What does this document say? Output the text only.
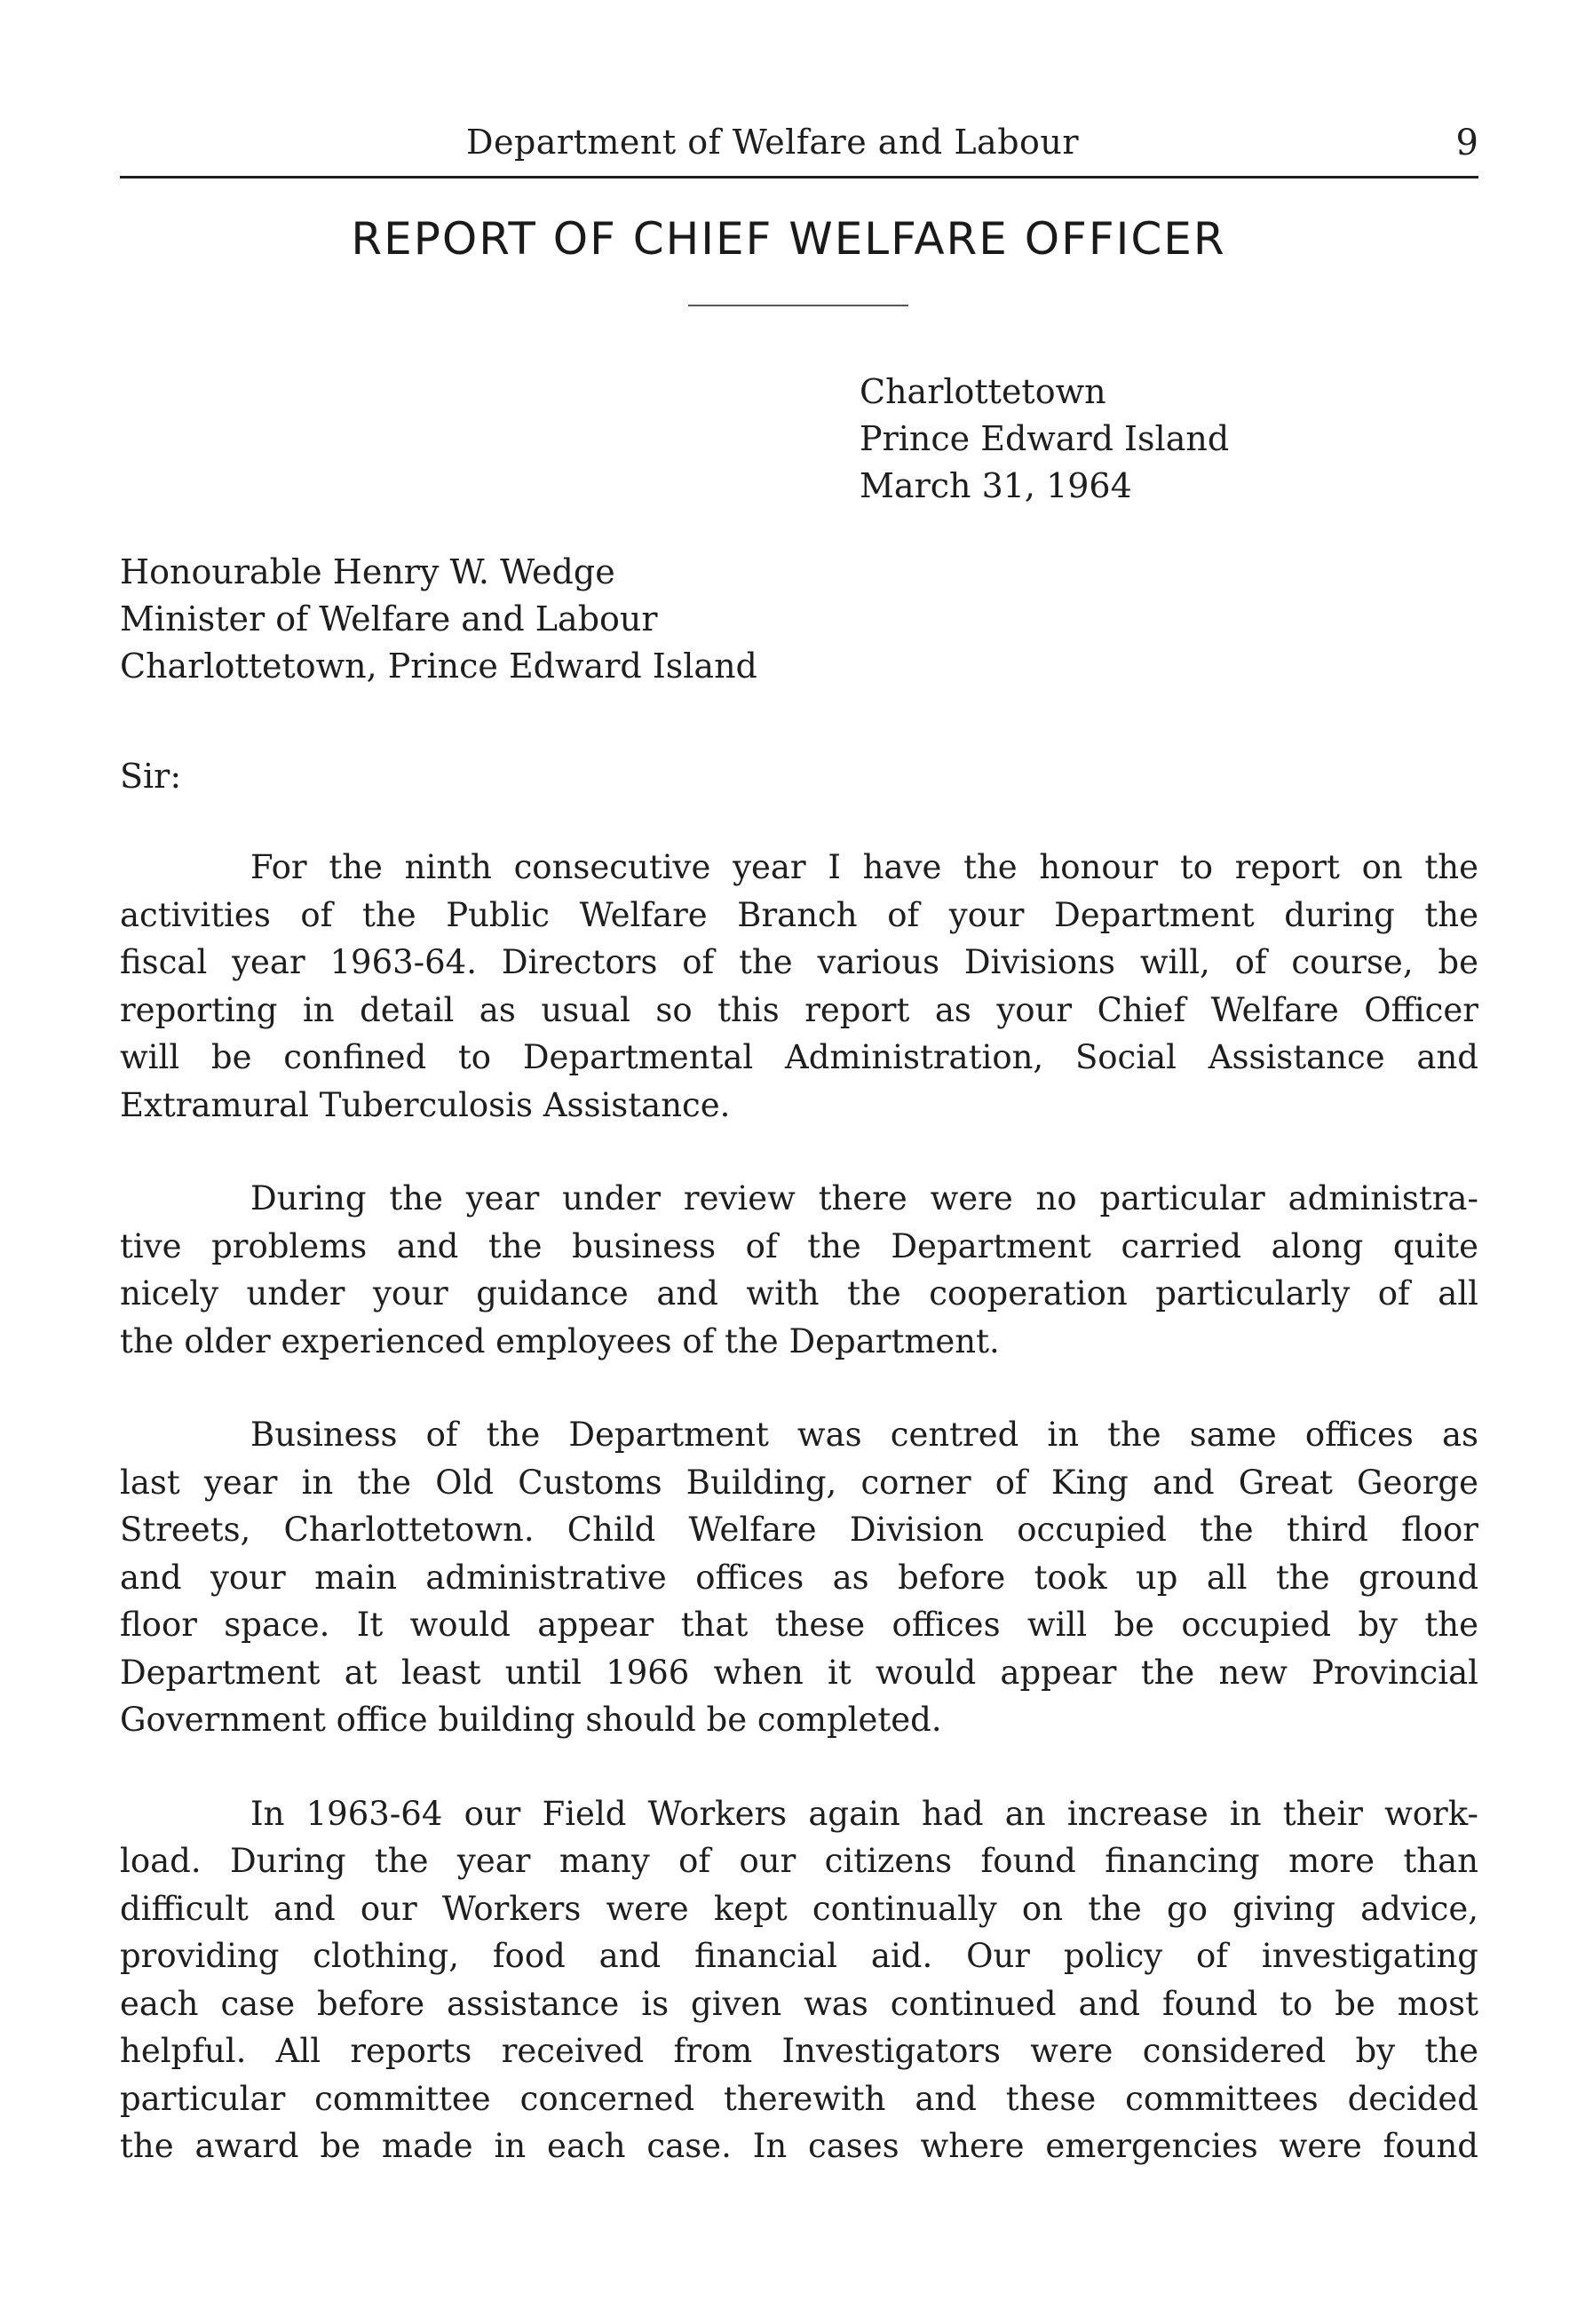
Department of Welfare and Labour	9
REPORT OF CHIEF WELFARE OFFICER
Charlottetown
Prince Edward Island
March 31, 1964
Honourable Henry W. Wedge
Minister of Welfare and Labour
Charlottetown, Prince Edward Island
Sir:
For the ninth consecutive year I have the honour to report on the
activities of the Public Welfare Branch of your Department during the
fiscal year 1963-64. Directors of the various Divisions will, of course, be
reporting in detail as usual so this report as your Chief Welfare Officer
will be confined to Departmental Administration, Social Assistance and
Extramural Tuberculosis Assistance.
During the year under review there were no particular administra-
tive problems and the business of the Department carried along quite
nicely under your guidance and with the cooperation particularly of all
the older experienced employees of the Department.
Business of the Department was centred in the same offices as
last year in the Old Customs Building, corner of King and Great George
Streets, Charlottetown. Child Welfare Division occupied the third floor
and your main administrative offices as before took up all the ground
floor space. It would appear that these offices will be occupied by the
Department at least until 1966 when it would appear the new Provincial
Government office building should be completed.
In 1963-64 our Field Workers again had an increase in their work-
load. During the year many of our citizens found financing more than
difficult and our Workers were kept continually on the go giving advice,
providing clothing, food and financial aid. Our policy of investigating
each case before assistance is given was continued and found to be most
helpful. All reports received from Investigators were considered by the
particular committee concerned therewith and these committees decided
the award be made in each case. In cases where emergencies were found
